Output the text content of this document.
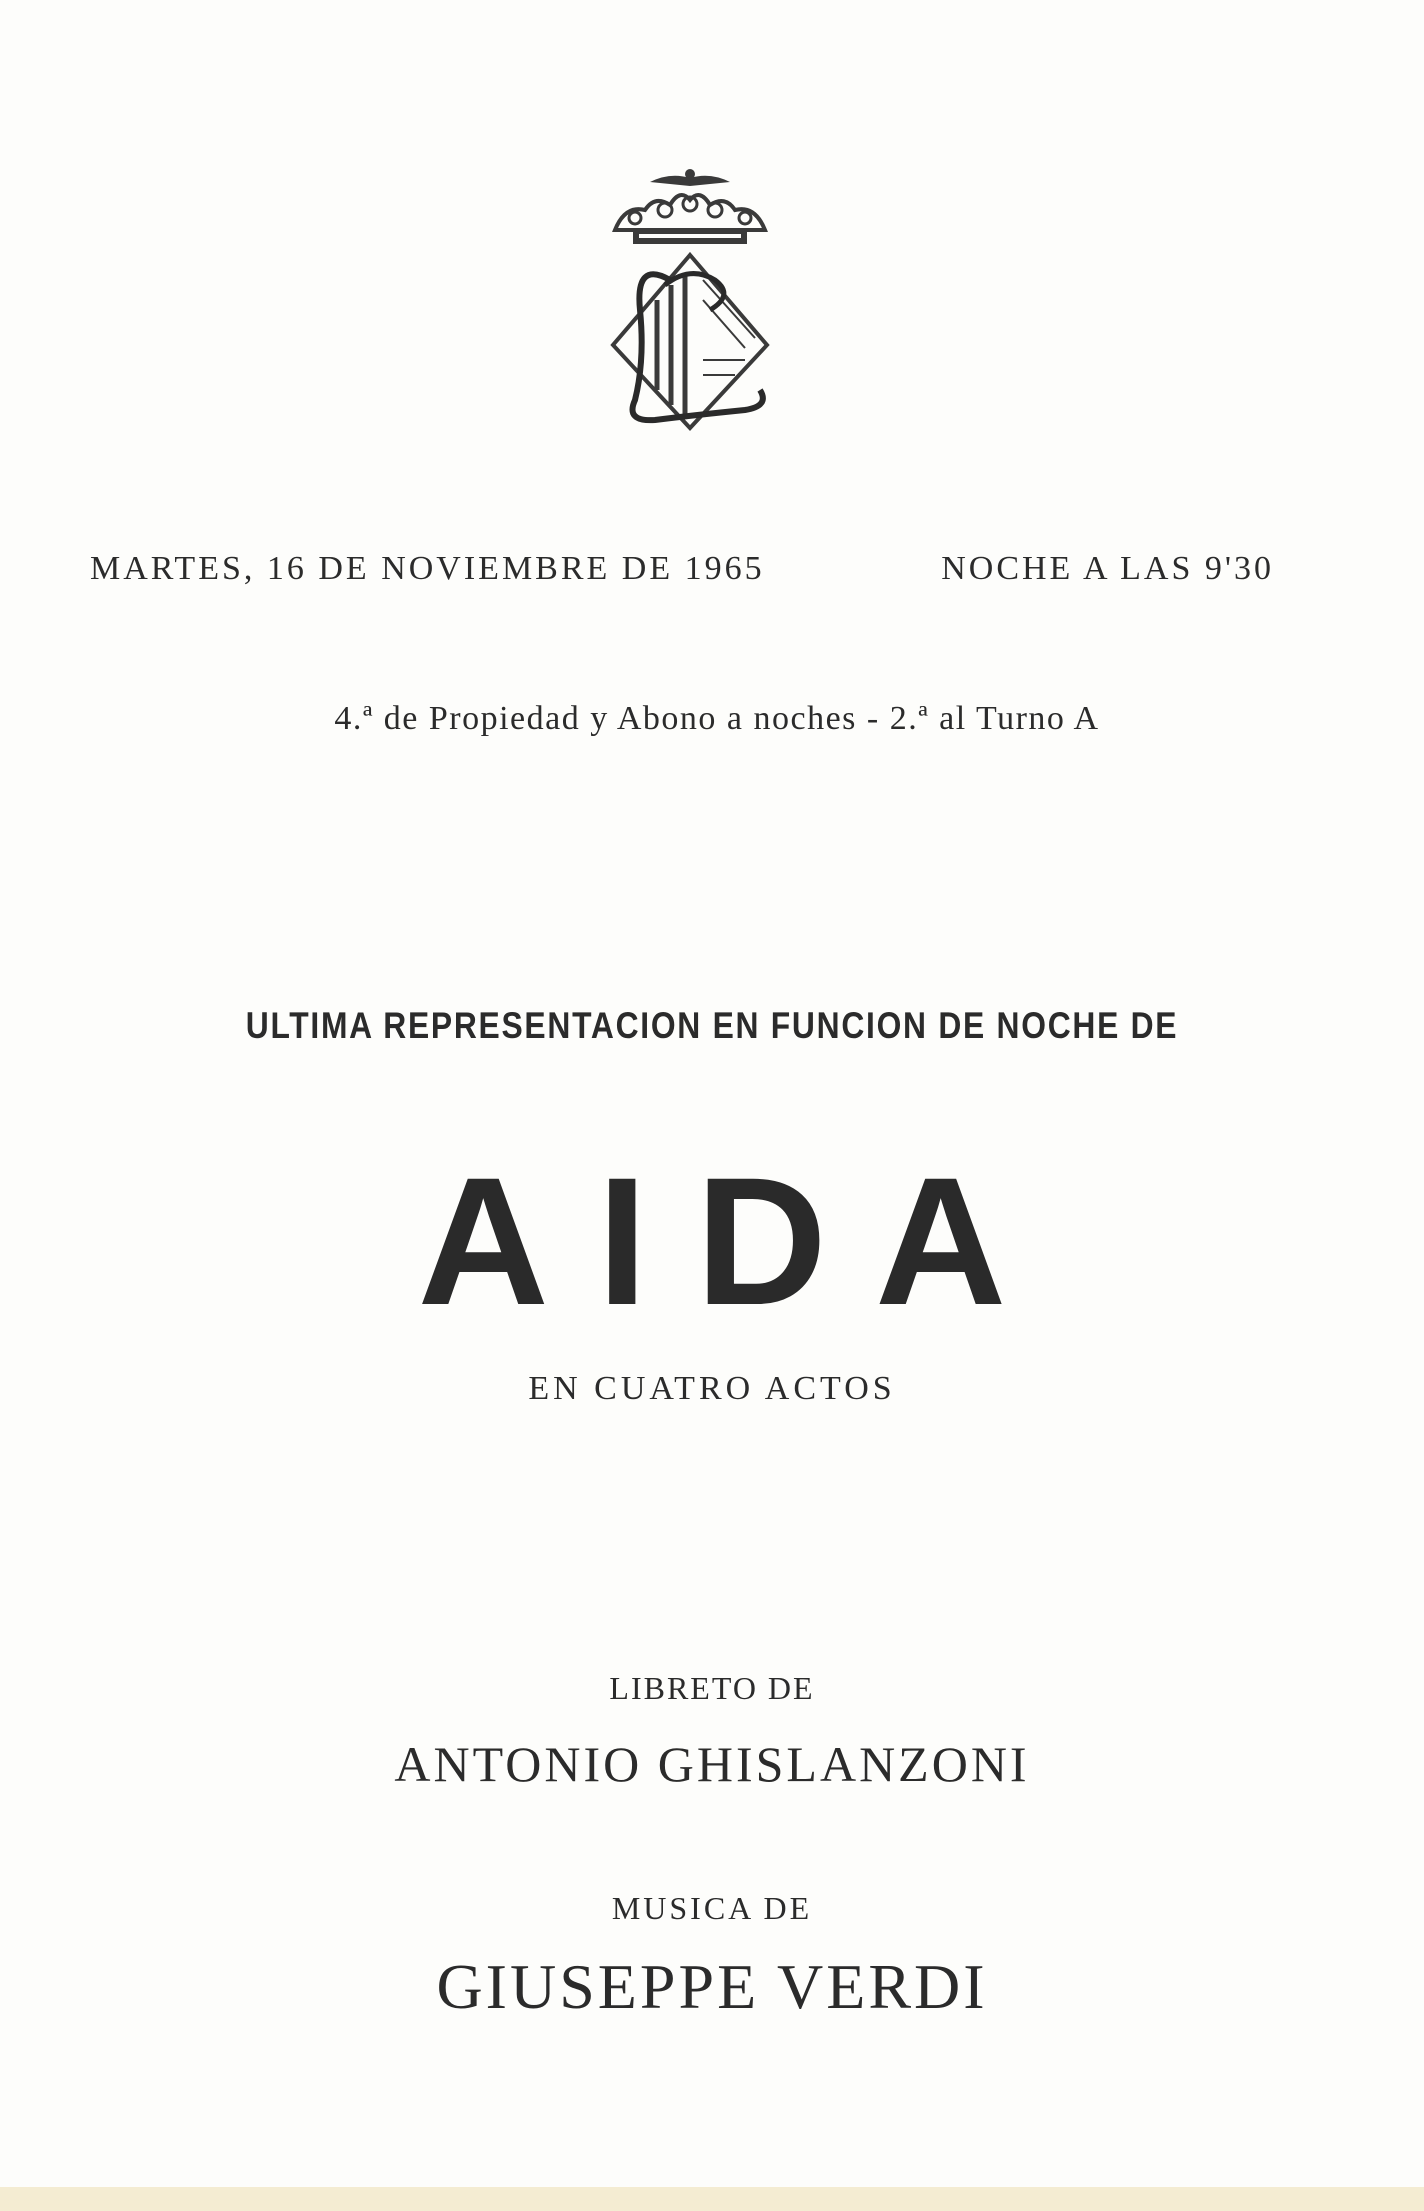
MARTES, 16 DE NOVIEMBRE DE 1965	NOCHE A LAS 9'30

4.ª de Propiedad y Abono a noches - 2.ª al Turno A

ULTIMA REPRESENTACION EN FUNCION DE NOCHE DE

AIDA

EN CUATRO ACTOS

LIBRETO DE

ANTONIO GHISLANZONI

MUSICA DE

GIUSEPPE VERDI
